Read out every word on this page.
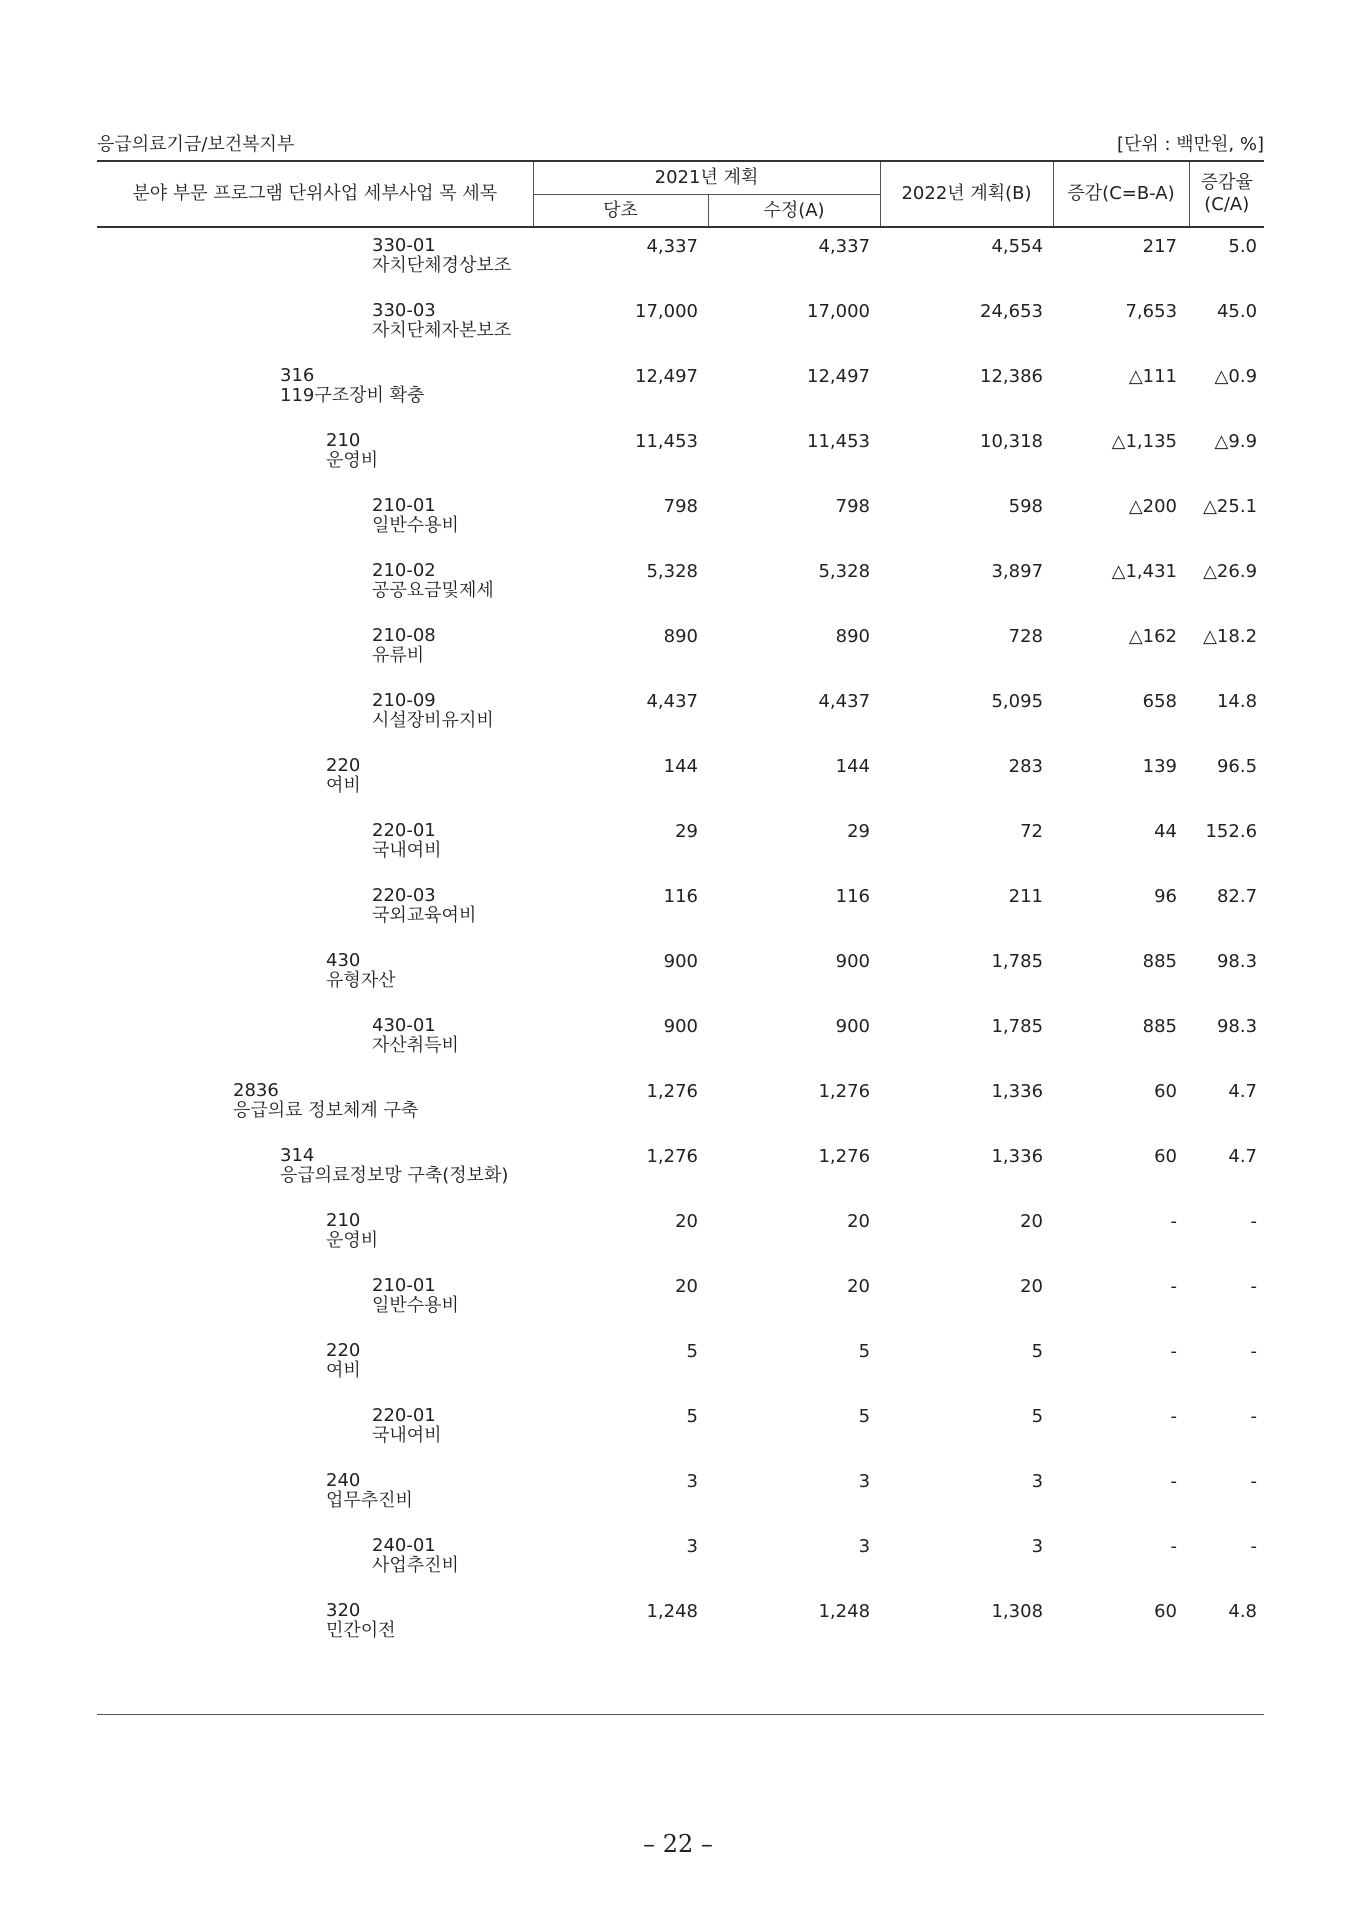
응급의료기금/보건복지부	[단위 : 백만원, %]
분야 부문 프로그램 단위사업 세부사업 목 세목	2021년 계획		2022년 계획(B)	증감(C=B-A)	증감율
(C/A)

	당초	수정(A)			

330-01
자치단체경상보조	4,337	4,337	4,554	217	5.0

330-03
자치단체자본보조	17,000	17,000	24,653	7,653	45.0

316
119구조장비 확충	12,497	12,497	12,386	△111	△0.9

210
운영비	11,453	11,453	10,318	△1,135	△9.9

210-01
일반수용비	798	798	598	△200	△25.1

210-02
공공요금및제세	5,328	5,328	3,897	△1,431	△26.9

210-08
유류비	890	890	728	△162	△18.2

210-09
시설장비유지비	4,437	4,437	5,095	658	14.8

220
여비	144	144	283	139	96.5

220-01
국내여비	29	29	72	44	152.6

220-03
국외교육여비	116	116	211	96	82.7

430
유형자산	900	900	1,785	885	98.3

430-01
자산취득비	900	900	1,785	885	98.3

2836
응급의료 정보체계 구축	1,276	1,276	1,336	60	4.7

314
응급의료정보망 구축(정보화)	1,276	1,276	1,336	60	4.7

210
운영비	20	20	20	-	-

210-01
일반수용비	20	20	20	-	-

220
여비	5	5	5	-	-

220-01
국내여비	5	5	5	-	-

240
업무추진비	3	3	3	-	-

240-01
사업추진비	3	3	3	-	-

320
민간이전	1,248	1,248	1,308	60	4.8
– 22 –
